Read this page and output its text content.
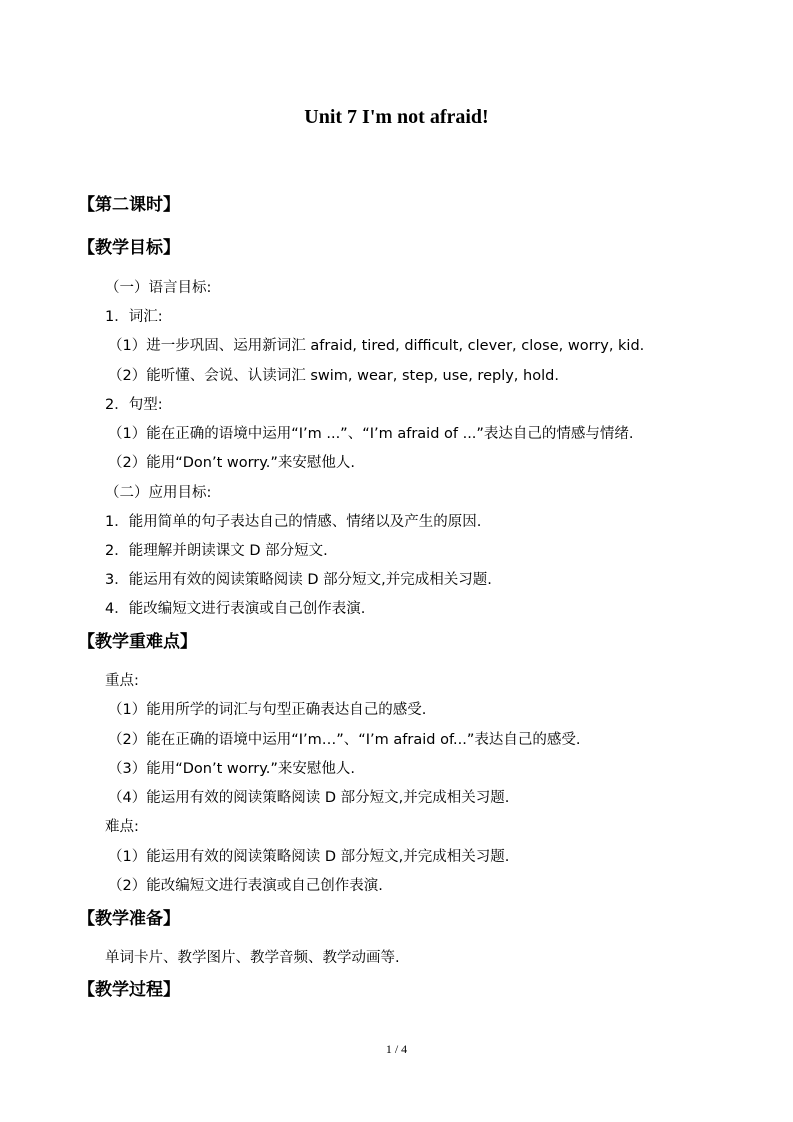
Unit 7 I'm not afraid!
【第二课时】
【教学目标】
（一）语言目标:
1．词汇:
（1）进一步巩固、运用新词汇 afraid, tired, difficult, clever, close, worry, kid.
（2）能听懂、会说、认读词汇 swim, wear, step, use, reply, hold.
2．句型:
（1）能在正确的语境中运用“I’m ...”、“I’m afraid of ...”表达自己的情感与情绪.
（2）能用“Don’t worry.”来安慰他人.
（二）应用目标:
1．能用简单的句子表达自己的情感、情绪以及产生的原因.
2．能理解并朗读课文 D 部分短文.
3．能运用有效的阅读策略阅读 D 部分短文,并完成相关习题.
4．能改编短文进行表演或自己创作表演.
【教学重难点】
重点:
（1）能用所学的词汇与句型正确表达自己的感受.
（2）能在正确的语境中运用“I’m…”、“I’m afraid of...”表达自己的感受.
（3）能用“Don’t worry.”来安慰他人.
（4）能运用有效的阅读策略阅读 D 部分短文,并完成相关习题.
难点:
（1）能运用有效的阅读策略阅读 D 部分短文,并完成相关习题.
（2）能改编短文进行表演或自己创作表演.
【教学准备】
单词卡片、教学图片、教学音频、教学动画等.
【教学过程】
1 / 4
